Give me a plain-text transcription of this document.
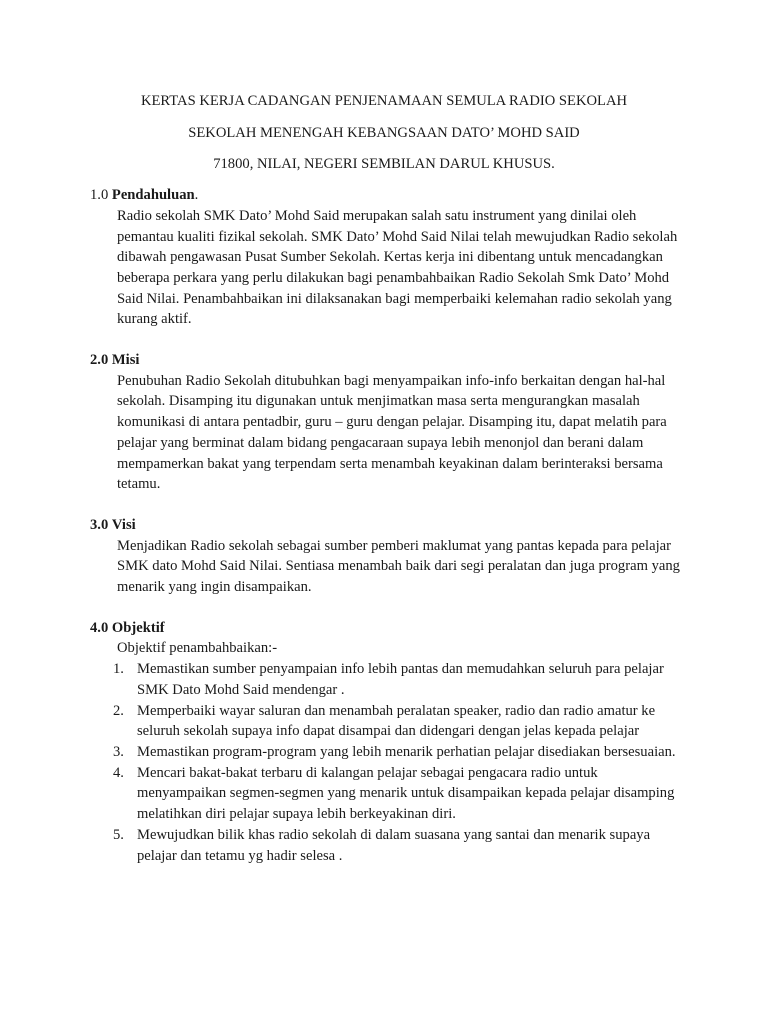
KERTAS KERJA CADANGAN PENJENAMAAN SEMULA RADIO SEKOLAH

SEKOLAH MENENGAH KEBANGSAAN DATO’ MOHD SAID

71800, NILAI, NEGERI SEMBILAN DARUL KHUSUS.

1.0 Pendahuluan.

Radio sekolah SMK Dato’ Mohd Said merupakan salah satu instrument yang dinilai oleh pemantau kualiti fizikal sekolah. SMK Dato’ Mohd Said Nilai telah mewujudkan Radio sekolah dibawah pengawasan Pusat Sumber Sekolah. Kertas kerja ini dibentang untuk mencadangkan beberapa perkara yang perlu dilakukan bagi penambahbaikan Radio Sekolah Smk Dato’ Mohd Said Nilai. Penambahbaikan ini dilaksanakan bagi memperbaiki kelemahan radio sekolah yang kurang aktif.

2.0 Misi

Penubuhan Radio Sekolah ditubuhkan bagi menyampaikan info-info berkaitan dengan hal-hal sekolah. Disamping itu digunakan untuk menjimatkan masa serta mengurangkan masalah komunikasi di antara pentadbir, guru – guru dengan pelajar. Disamping itu, dapat melatih para pelajar yang berminat dalam bidang pengacaraan supaya lebih menonjol dan berani dalam mempamerkan bakat yang terpendam serta menambah keyakinan dalam berinteraksi bersama tetamu.

3.0 Visi

Menjadikan Radio sekolah sebagai sumber pemberi maklumat yang pantas kepada para pelajar SMK dato Mohd Said Nilai. Sentiasa menambah baik dari segi peralatan dan juga program yang menarik yang ingin disampaikan.

4.0 Objektif

Objektif penambahbaikan:-

1. Memastikan sumber penyampaian info lebih pantas dan memudahkan seluruh para pelajar SMK Dato Mohd Said mendengar .
2. Memperbaiki wayar saluran dan menambah peralatan speaker, radio dan radio amatur ke seluruh sekolah supaya info dapat disampai dan didengari dengan jelas kepada pelajar
3. Memastikan program-program yang lebih menarik perhatian pelajar disediakan bersesuaian.
4. Mencari bakat-bakat terbaru di kalangan pelajar sebagai pengacara radio untuk menyampaikan segmen-segmen yang menarik untuk disampaikan kepada pelajar disamping melatihkan diri pelajar supaya lebih berkeyakinan diri.
5. Mewujudkan bilik khas radio sekolah di dalam suasana yang santai dan menarik supaya pelajar dan tetamu yg hadir selesa .
